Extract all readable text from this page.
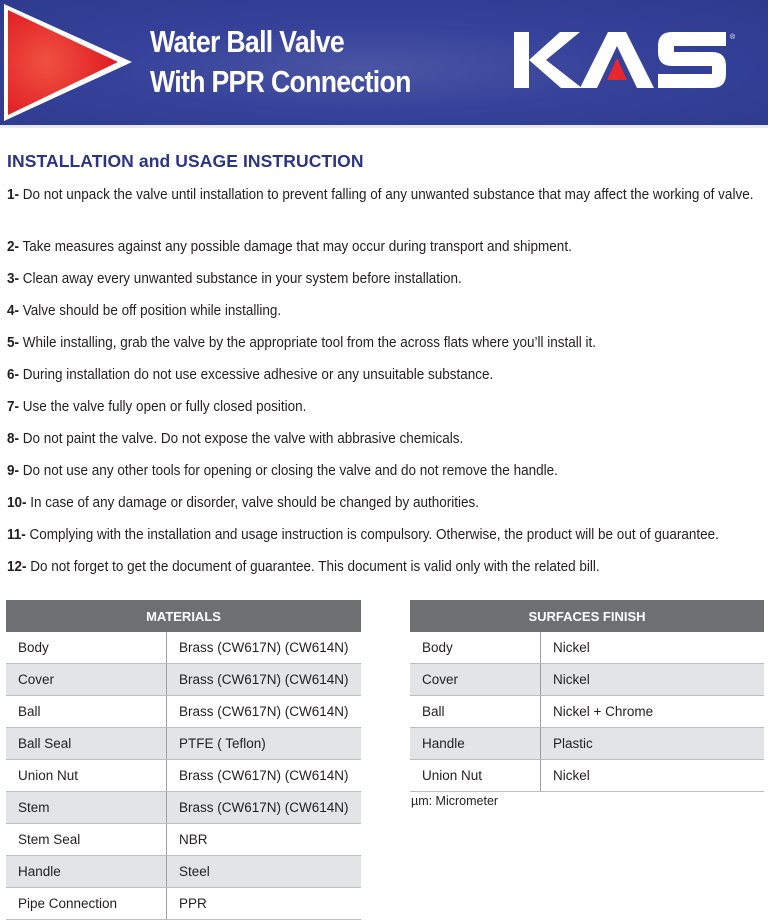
Water Ball Valve
With PPR Connection
®
INSTALLATION and USAGE INSTRUCTION
1- Do not unpack the valve until installation to prevent falling of any unwanted substance that may affect the working of valve.
2- Take measures against any possible damage that may occur during transport and shipment.
3- Clean away every unwanted substance in your system before installation.
4- Valve should be off position while installing.
5- While installing, grab the valve by the appropriate tool from the across flats where you’ll install it.
6- During installation do not use excessive adhesive or any unsuitable substance.
7- Use the valve fully open or fully closed position.
8- Do not paint the valve. Do not expose the valve with abbrasive chemicals.
9- Do not use any other tools for opening or closing the valve and do not remove the handle.
10- In case of any damage or disorder, valve should be changed by authorities.
11- Complying with the installation and usage instruction is compulsory. Otherwise, the product will be out of guarantee.
12- Do not forget to get the document of guarantee. This document is valid only with the related bill.
MATERIALS	
Body	Brass (CW617N) (CW614N)
Cover	Brass (CW617N) (CW614N)
Ball	Brass (CW617N) (CW614N)
Ball Seal	PTFE ( Teflon)
Union Nut	Brass (CW617N) (CW614N)
Stem	Brass (CW617N) (CW614N)
Stem Seal	NBR
Handle	Steel
Pipe Connection	PPR
SURFACES FINISH	
Body	Nickel
Cover	Nickel
Ball	Nickel + Chrome
Handle	Plastic
Union Nut	Nickel
µm: Micrometer
